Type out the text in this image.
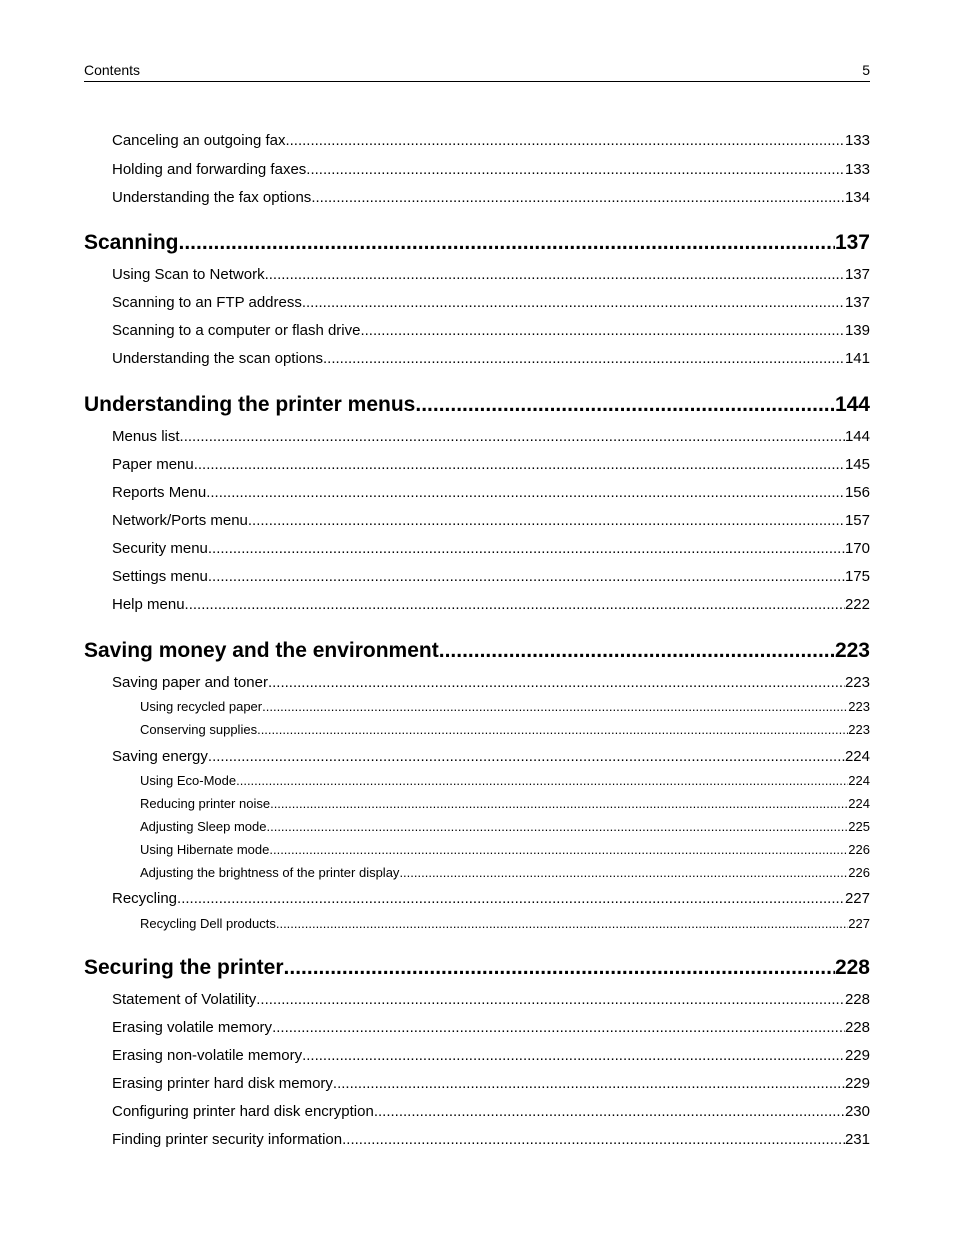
Contents	5
Canceling an outgoing fax .....	133
Holding and forwarding faxes .....	133
Understanding the fax options .....	134
Scanning .....	137
Using Scan to Network .....	137
Scanning to an FTP address .....	137
Scanning to a computer or flash drive .....	139
Understanding the scan options .....	141
Understanding the printer menus .....	144
Menus list .....	144
Paper menu .....	145
Reports Menu .....	156
Network/Ports menu .....	157
Security menu .....	170
Settings menu .....	175
Help menu .....	222
Saving money and the environment .....	223
Saving paper and toner .....	223
Using recycled paper .....	223
Conserving supplies .....	223
Saving energy .....	224
Using Eco-Mode .....	224
Reducing printer noise .....	224
Adjusting Sleep mode .....	225
Using Hibernate mode .....	226
Adjusting the brightness of the printer display .....	226
Recycling .....	227
Recycling Dell products .....	227
Securing the printer .....	228
Statement of Volatility .....	228
Erasing volatile memory .....	228
Erasing non-volatile memory .....	229
Erasing printer hard disk memory .....	229
Configuring printer hard disk encryption .....	230
Finding printer security information .....	231
